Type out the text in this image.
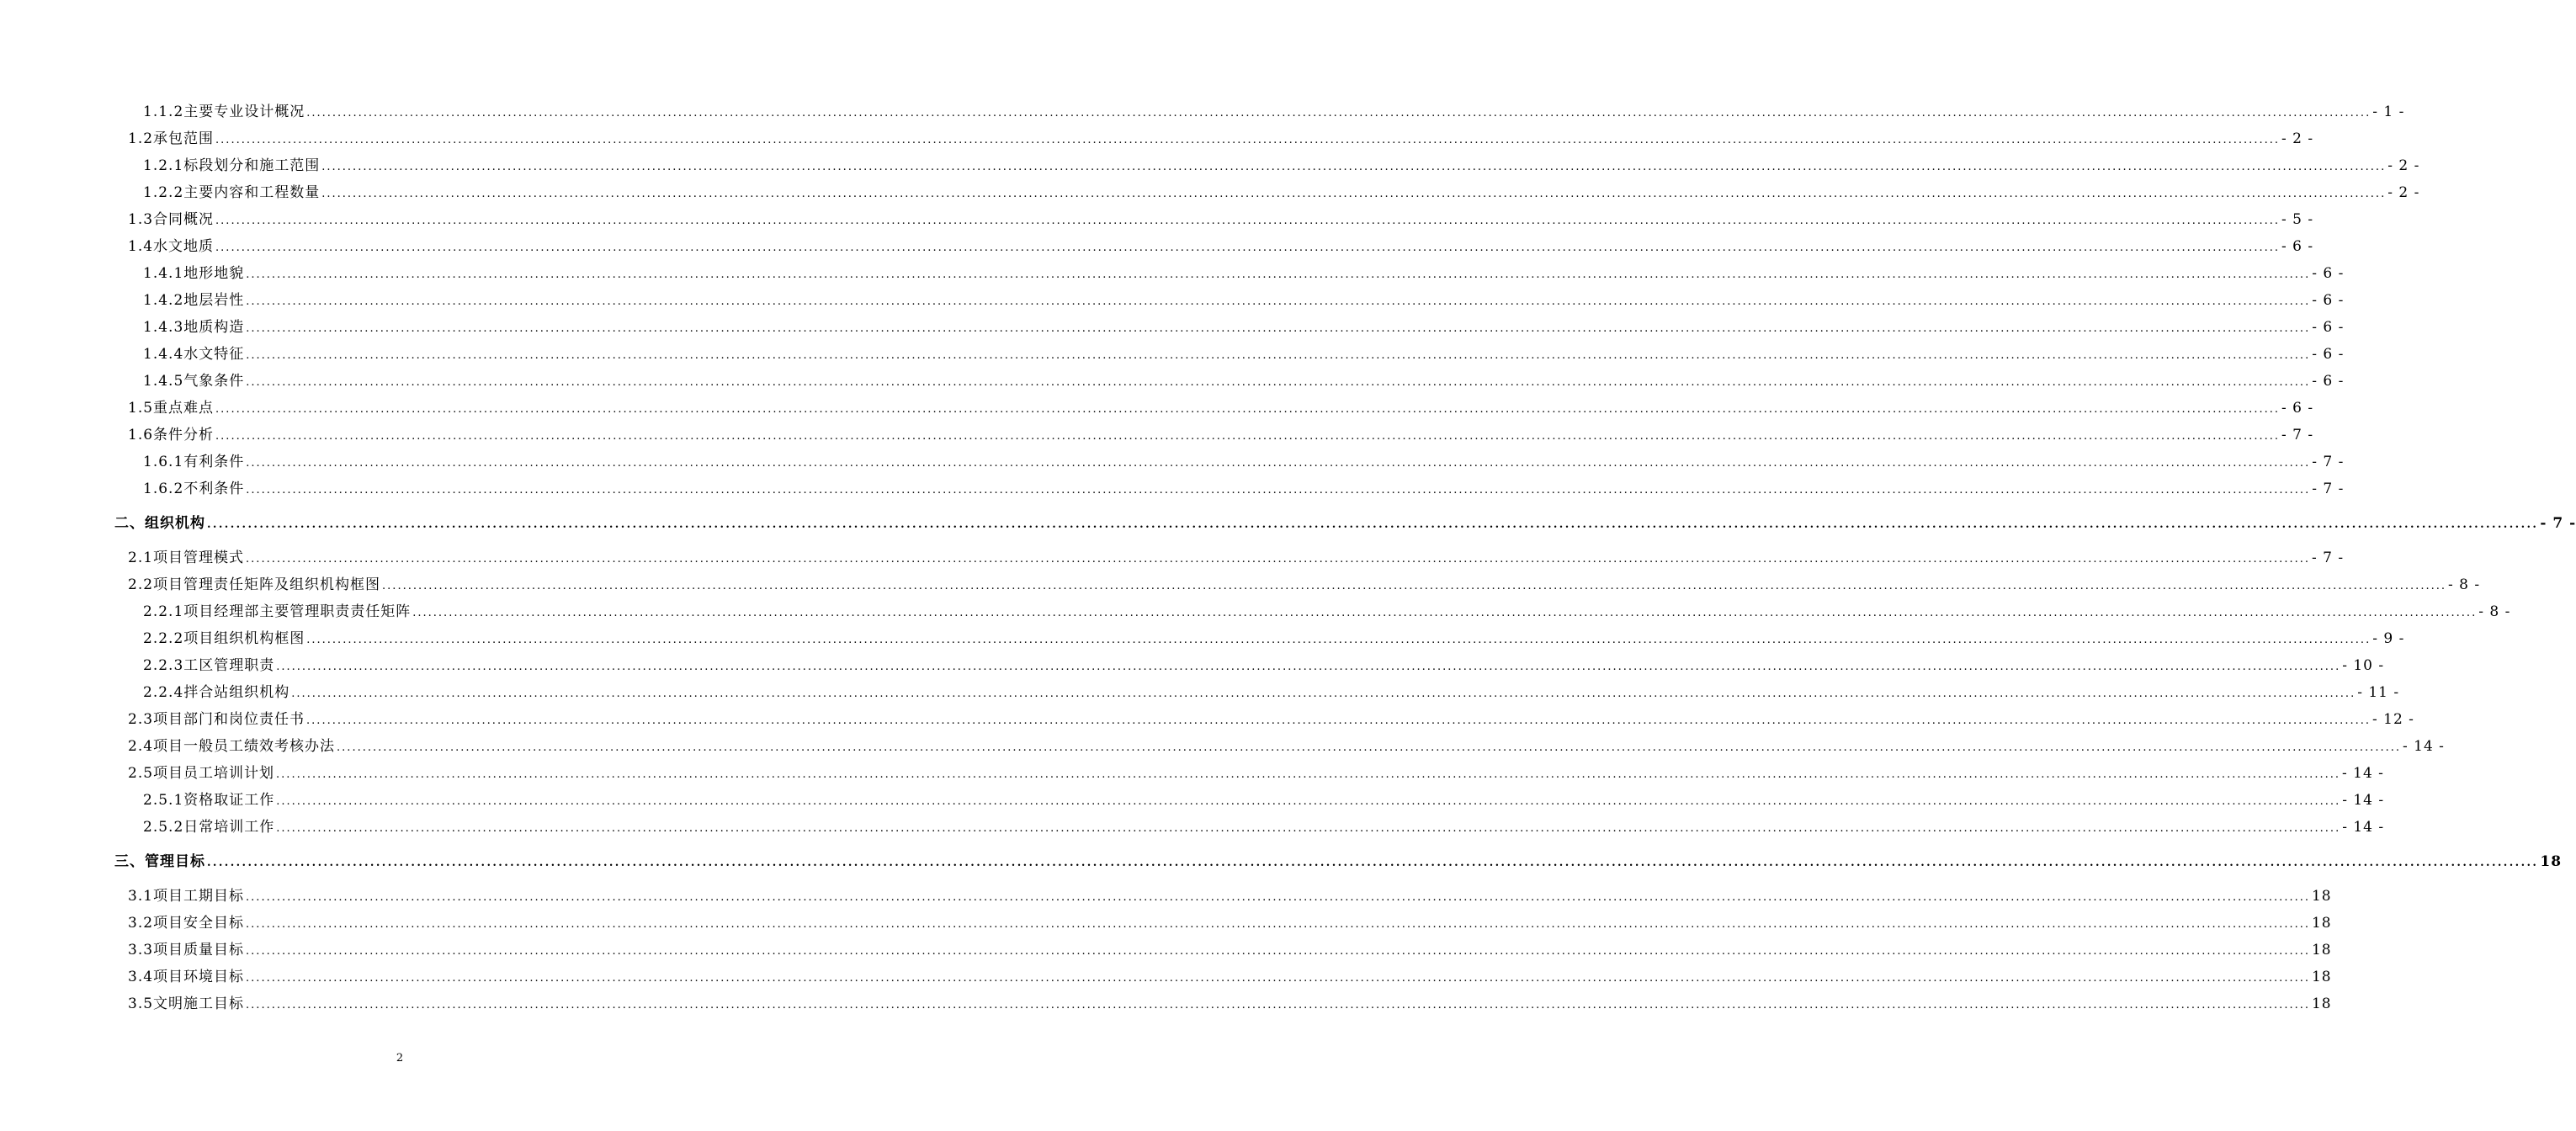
1.1.2主要专业设计概况 ................................................................................................................................................................................................................................................................................................................................................................................................................ - 1 -
1.2承包范围 ................................................................................................................................................................................................................................................................................................................................................................................................................ - 2 -
1.2.1标段划分和施工范围 ................................................................................................................................................................................................................................................................................................................................................................................................................ - 2 -
1.2.2主要内容和工程数量 ................................................................................................................................................................................................................................................................................................................................................................................................................ - 2 -
1.3合同概况 ................................................................................................................................................................................................................................................................................................................................................................................................................ - 5 -
1.4水文地质 ................................................................................................................................................................................................................................................................................................................................................................................................................ - 6 -
1.4.1地形地貌 ................................................................................................................................................................................................................................................................................................................................................................................................................ - 6 -
1.4.2地层岩性 ................................................................................................................................................................................................................................................................................................................................................................................................................ - 6 -
1.4.3地质构造 ................................................................................................................................................................................................................................................................................................................................................................................................................ - 6 -
1.4.4水文特征 ................................................................................................................................................................................................................................................................................................................................................................................................................ - 6 -
1.4.5气象条件 ................................................................................................................................................................................................................................................................................................................................................................................................................ - 6 -
1.5重点难点 ................................................................................................................................................................................................................................................................................................................................................................................................................ - 6 -
1.6条件分析 ................................................................................................................................................................................................................................................................................................................................................................................................................ - 7 -
1.6.1有利条件 ................................................................................................................................................................................................................................................................................................................................................................................................................ - 7 -
1.6.2不利条件 ................................................................................................................................................................................................................................................................................................................................................................................................................ - 7 -
二、组织机构 ................................................................................................................................................................................................................................................................................................................................................................................................................ - 7 -
2.1项目管理模式 ................................................................................................................................................................................................................................................................................................................................................................................................................ - 7 -
2.2项目管理责任矩阵及组织机构框图 ................................................................................................................................................................................................................................................................................................................................................................................................................ - 8 -
2.2.1项目经理部主要管理职责责任矩阵 ................................................................................................................................................................................................................................................................................................................................................................................................................ - 8 -
2.2.2项目组织机构框图 ................................................................................................................................................................................................................................................................................................................................................................................................................ - 9 -
2.2.3工区管理职责 ................................................................................................................................................................................................................................................................................................................................................................................................................ - 10 -
2.2.4拌合站组织机构 ................................................................................................................................................................................................................................................................................................................................................................................................................ - 11 -
2.3项目部门和岗位责任书 ................................................................................................................................................................................................................................................................................................................................................................................................................ - 12 -
2.4项目一般员工绩效考核办法 ................................................................................................................................................................................................................................................................................................................................................................................................................ - 14 -
2.5项目员工培训计划 ................................................................................................................................................................................................................................................................................................................................................................................................................ - 14 -
2.5.1资格取证工作 ................................................................................................................................................................................................................................................................................................................................................................................................................ - 14 -
2.5.2日常培训工作 ................................................................................................................................................................................................................................................................................................................................................................................................................ - 14 -
三、管理目标 ................................................................................................................................................................................................................................................................................................................................................................................................................ 18
3.1项目工期目标 ................................................................................................................................................................................................................................................................................................................................................................................................................ 18
3.2项目安全目标 ................................................................................................................................................................................................................................................................................................................................................................................................................ 18
3.3项目质量目标 ................................................................................................................................................................................................................................................................................................................................................................................................................ 18
3.4项目环境目标 ................................................................................................................................................................................................................................................................................................................................................................................................................ 18
3.5文明施工目标 ................................................................................................................................................................................................................................................................................................................................................................................................................ 18
2
